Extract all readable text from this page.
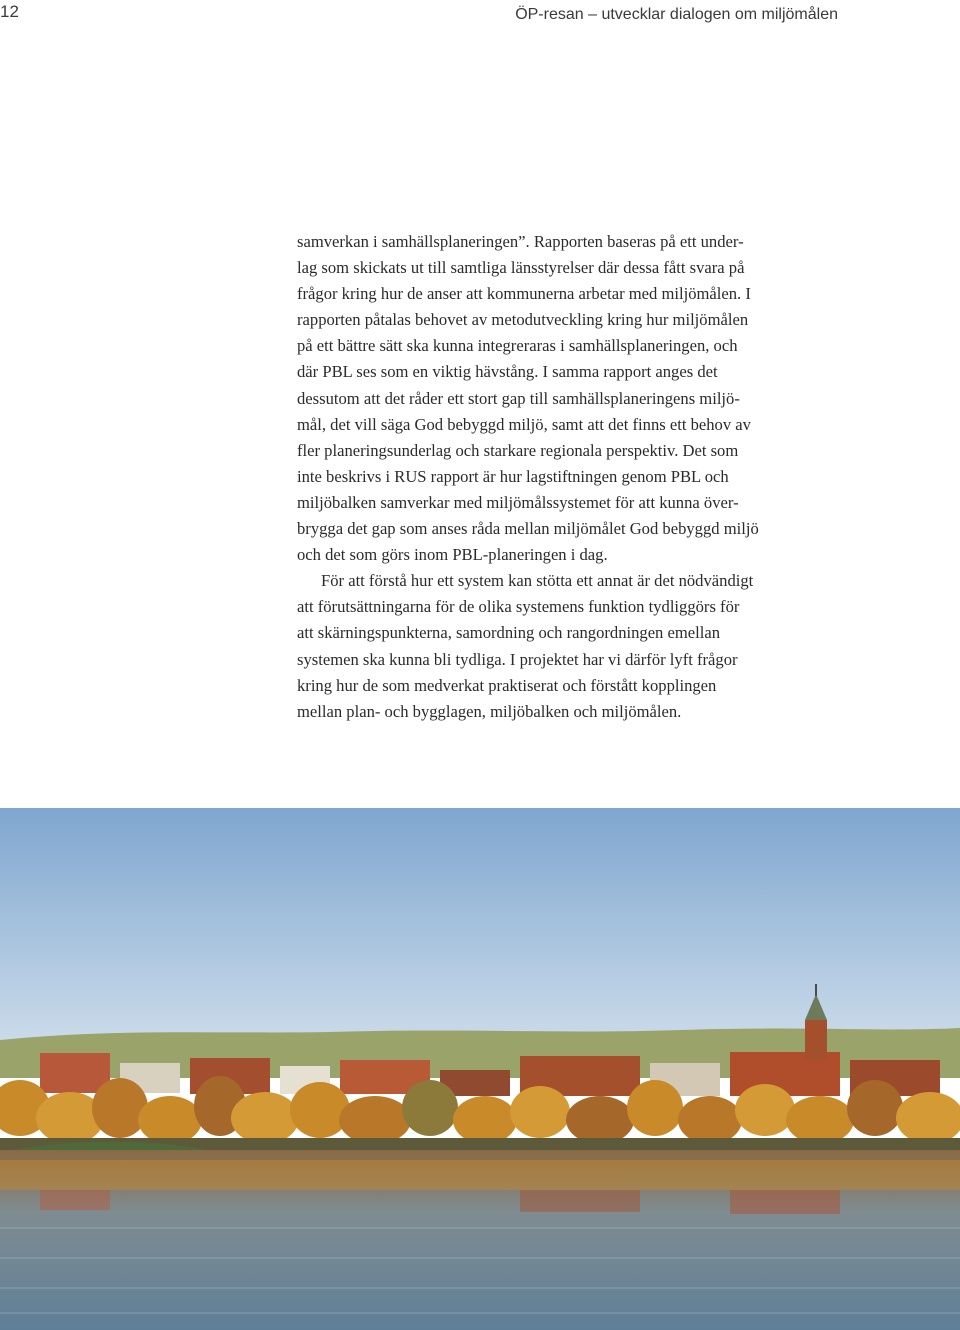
12	ÖP-resan – utvecklar dialogen om miljömålen

samverkan i samhällsplaneringen”. Rapporten baseras på ett under-
lag som skickats ut till samtliga länsstyrelser där dessa fått svara på
frågor kring hur de anser att kommunerna arbetar med miljömålen. I
rapporten påtalas behovet av metodutveckling kring hur miljömålen
på ett bättre sätt ska kunna integreraras i samhällsplaneringen, och
där PBL ses som en viktig hävstång. I samma rapport anges det
dessutom att det råder ett stort gap till samhällsplaneringens miljö-
mål, det vill säga God bebyggd miljö, samt att det finns ett behov av
fler planeringsunderlag och starkare regionala perspektiv. Det som
inte beskrivs i RUS rapport är hur lagstiftningen genom PBL och
miljöbalken samverkar med miljömålssystemet för att kunna över-
brygga det gap som anses råda mellan miljömålet God bebyggd miljö
och det som görs inom PBL-planeringen i dag.

För att förstå hur ett system kan stötta ett annat är det nödvändigt
att förutsättningarna för de olika systemens funktion tydliggörs för
att skärningspunkterna, samordning och rangordningen emellan
systemen ska kunna bli tydliga. I projektet har vi därför lyft frågor
kring hur de som medverkat praktiserat och förstått kopplingen
mellan plan- och bygglagen, miljöbalken och miljömålen.
